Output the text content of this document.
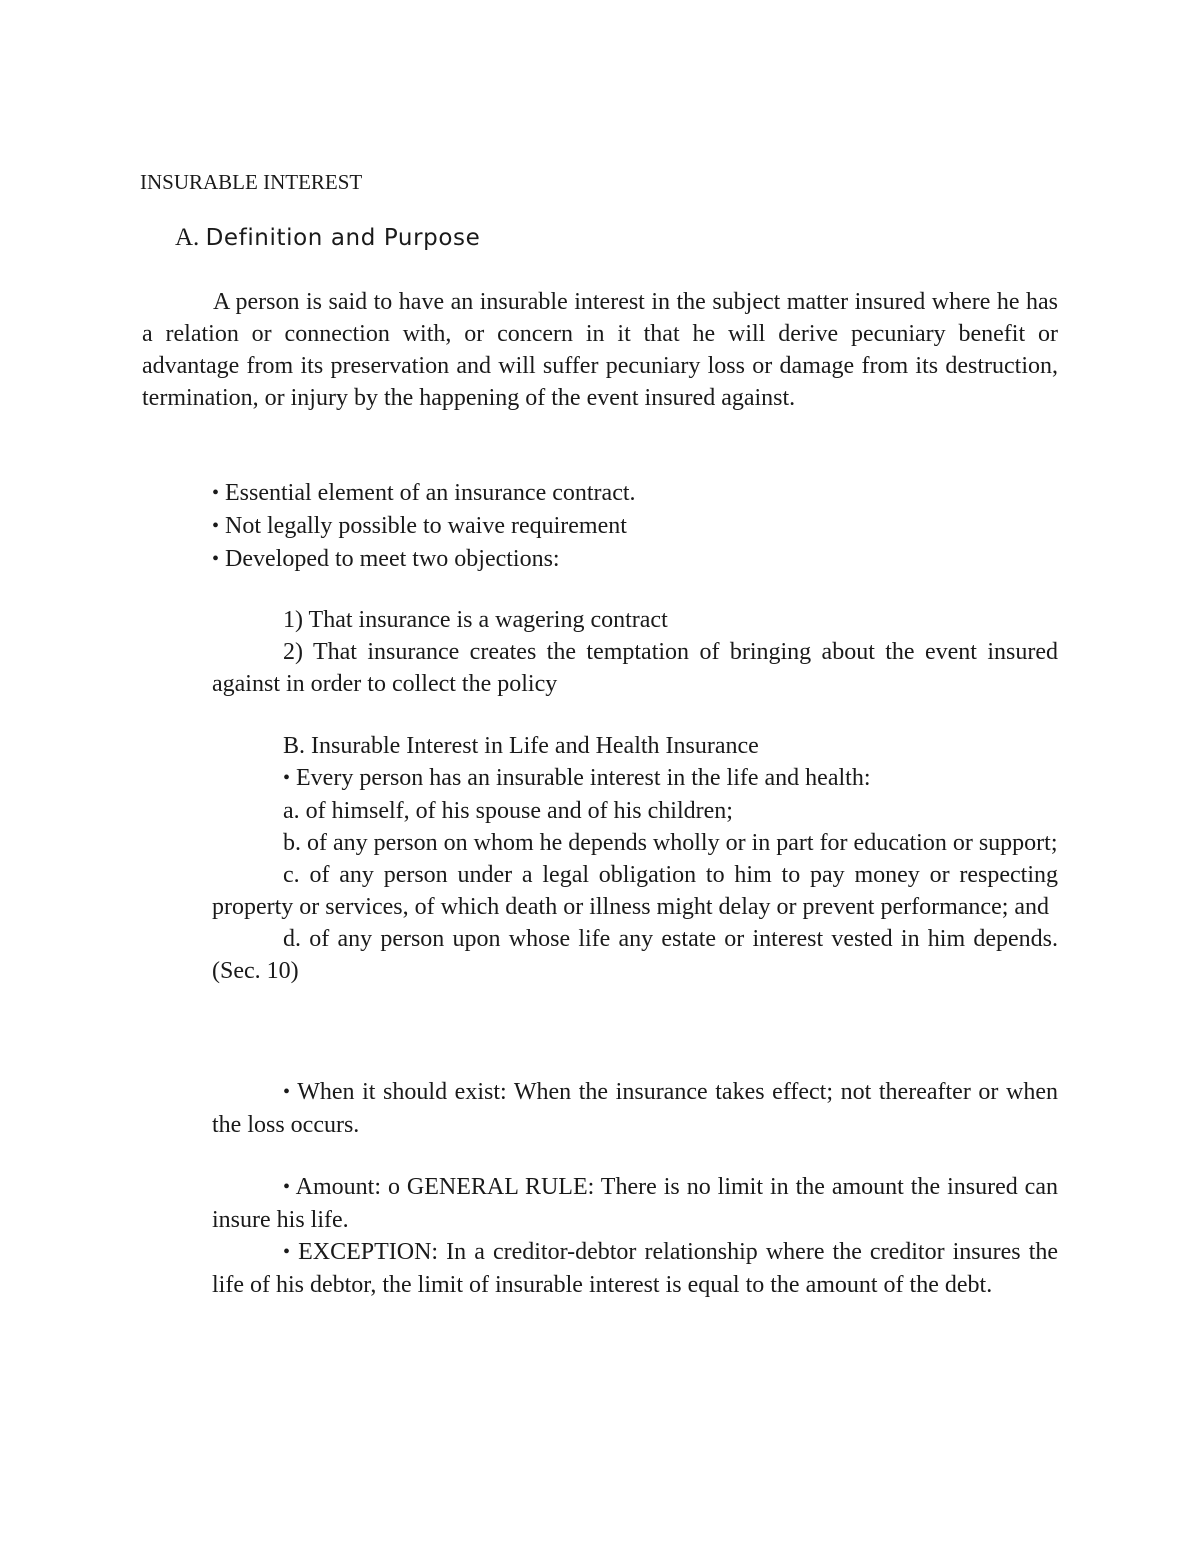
INSURABLE INTEREST
A. Definition and Purpose
A person is said to have an insurable interest in the subject matter insured where he has a relation or connection with, or concern in it that he will derive pecuniary benefit or advantage from its preservation and will suffer pecuniary loss or damage from its destruction, termination, or injury by the happening of the event insured against.
• Essential element of an insurance contract.
• Not legally possible to waive requirement
• Developed to meet two objections:
1) That insurance is a wagering contract
2) That insurance creates the temptation of bringing about the event insured against in order to collect the policy
B. Insurable Interest in Life and Health Insurance
• Every person has an insurable interest in the life and health:
a. of himself, of his spouse and of his children;
b. of any person on whom he depends wholly or in part for education or support;
c. of any person under a legal obligation to him to pay money or respecting property or services, of which death or illness might delay or prevent performance; and
d. of any person upon whose life any estate or interest vested in him depends. (Sec. 10)
• When it should exist: When the insurance takes effect; not thereafter or when the loss occurs.
• Amount: o GENERAL RULE: There is no limit in the amount the insured can insure his life.
• EXCEPTION: In a creditor-debtor relationship where the creditor insures the life of his debtor, the limit of insurable interest is equal to the amount of the debt.
